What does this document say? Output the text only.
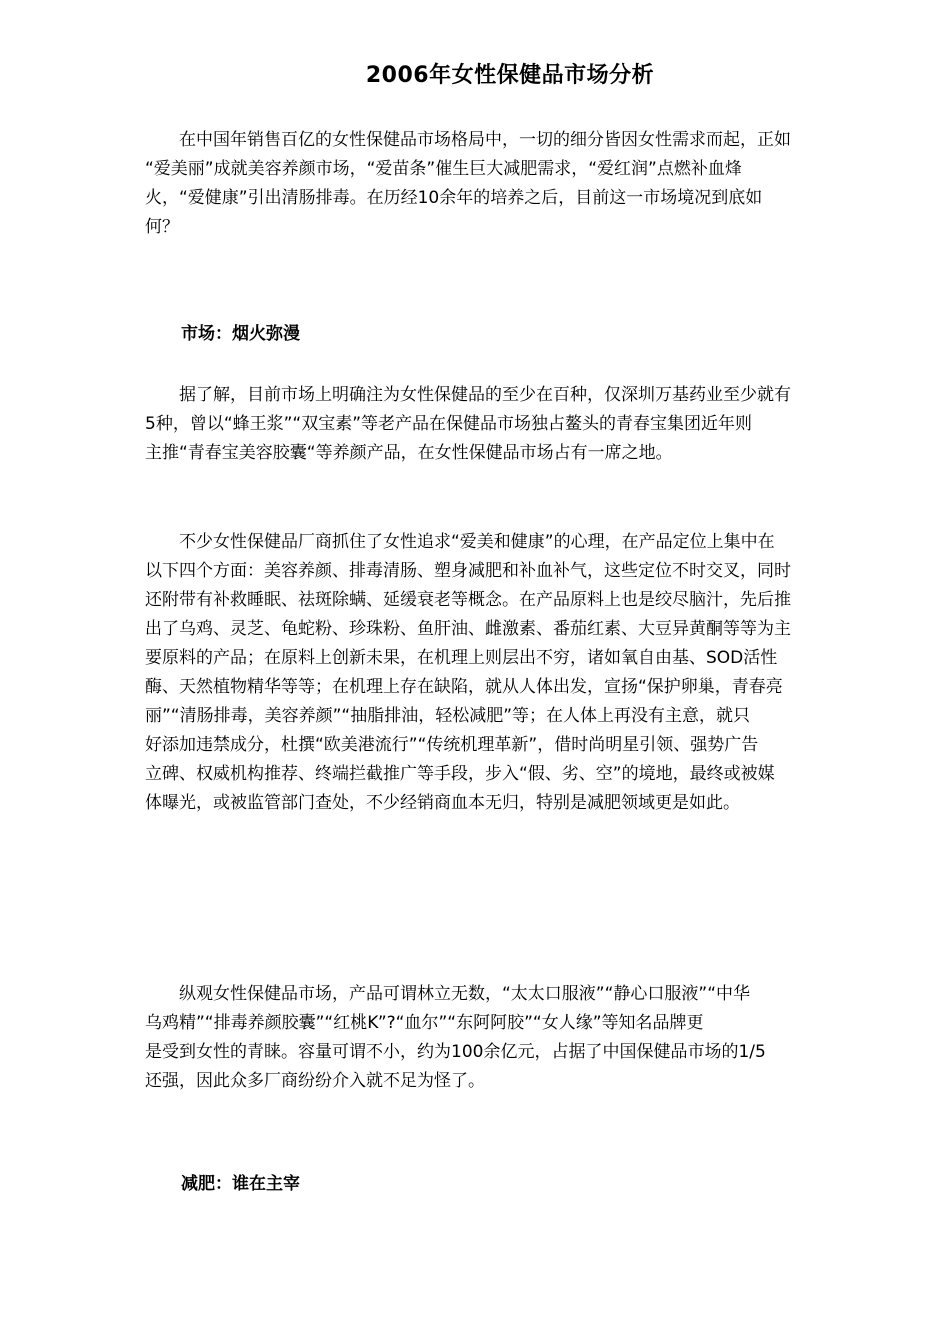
2006年女性保健品市场分析

　　在中国年销售百亿的女性保健品市场格局中，一切的细分皆因女性需求而起，正如
“爱美丽”成就美容养颜市场，“爱苗条”催生巨大减肥需求，“爱红润”点燃补血烽
火，“爱健康”引出清肠排毒。在历经10余年的培养之后，目前这一市场境况到底如
何？

市场：烟火弥漫

　　据了解，目前市场上明确注为女性保健品的至少在百种，仅深圳万基药业至少就有
5种，曾以“蜂王浆”“双宝素”等老产品在保健品市场独占鳌头的青春宝集团近年则
主推“青春宝美容胶囊“等养颜产品，在女性保健品市场占有一席之地。

　　不少女性保健品厂商抓住了女性追求“爱美和健康”的心理，在产品定位上集中在
以下四个方面：美容养颜、排毒清肠、塑身减肥和补血补气，这些定位不时交叉，同时
还附带有补救睡眠、祛斑除螨、延缓衰老等概念。在产品原料上也是绞尽脑汁，先后推
出了乌鸡、灵芝、龟蛇粉、珍珠粉、鱼肝油、雌激素、番茄红素、大豆异黄酮等等为主
要原料的产品；在原料上创新未果，在机理上则层出不穷，诸如氧自由基、SOD活性
酶、天然植物精华等等；在机理上存在缺陷，就从人体出发，宣扬“保护卵巢，青春亮
丽”“清肠排毒，美容养颜”“抽脂排油，轻松减肥”等；在人体上再没有主意，就只
好添加违禁成分，杜撰“欧美港流行”“传统机理革新”，借时尚明星引领、强势广告
立碑、权威机构推荐、终端拦截推广等手段，步入“假、劣、空”的境地，最终或被媒
体曝光，或被监管部门查处，不少经销商血本无归，特别是减肥领域更是如此。

　　纵观女性保健品市场，产品可谓林立无数，“太太口服液”“静心口服液”“中华
乌鸡精”“排毒养颜胶囊”“红桃K”?“血尔”“东阿阿胶”“女人缘”等知名品牌更
是受到女性的青睐。容量可谓不小，约为100余亿元，占据了中国保健品市场的1/5
还强，因此众多厂商纷纷介入就不足为怪了。

减肥：谁在主宰
